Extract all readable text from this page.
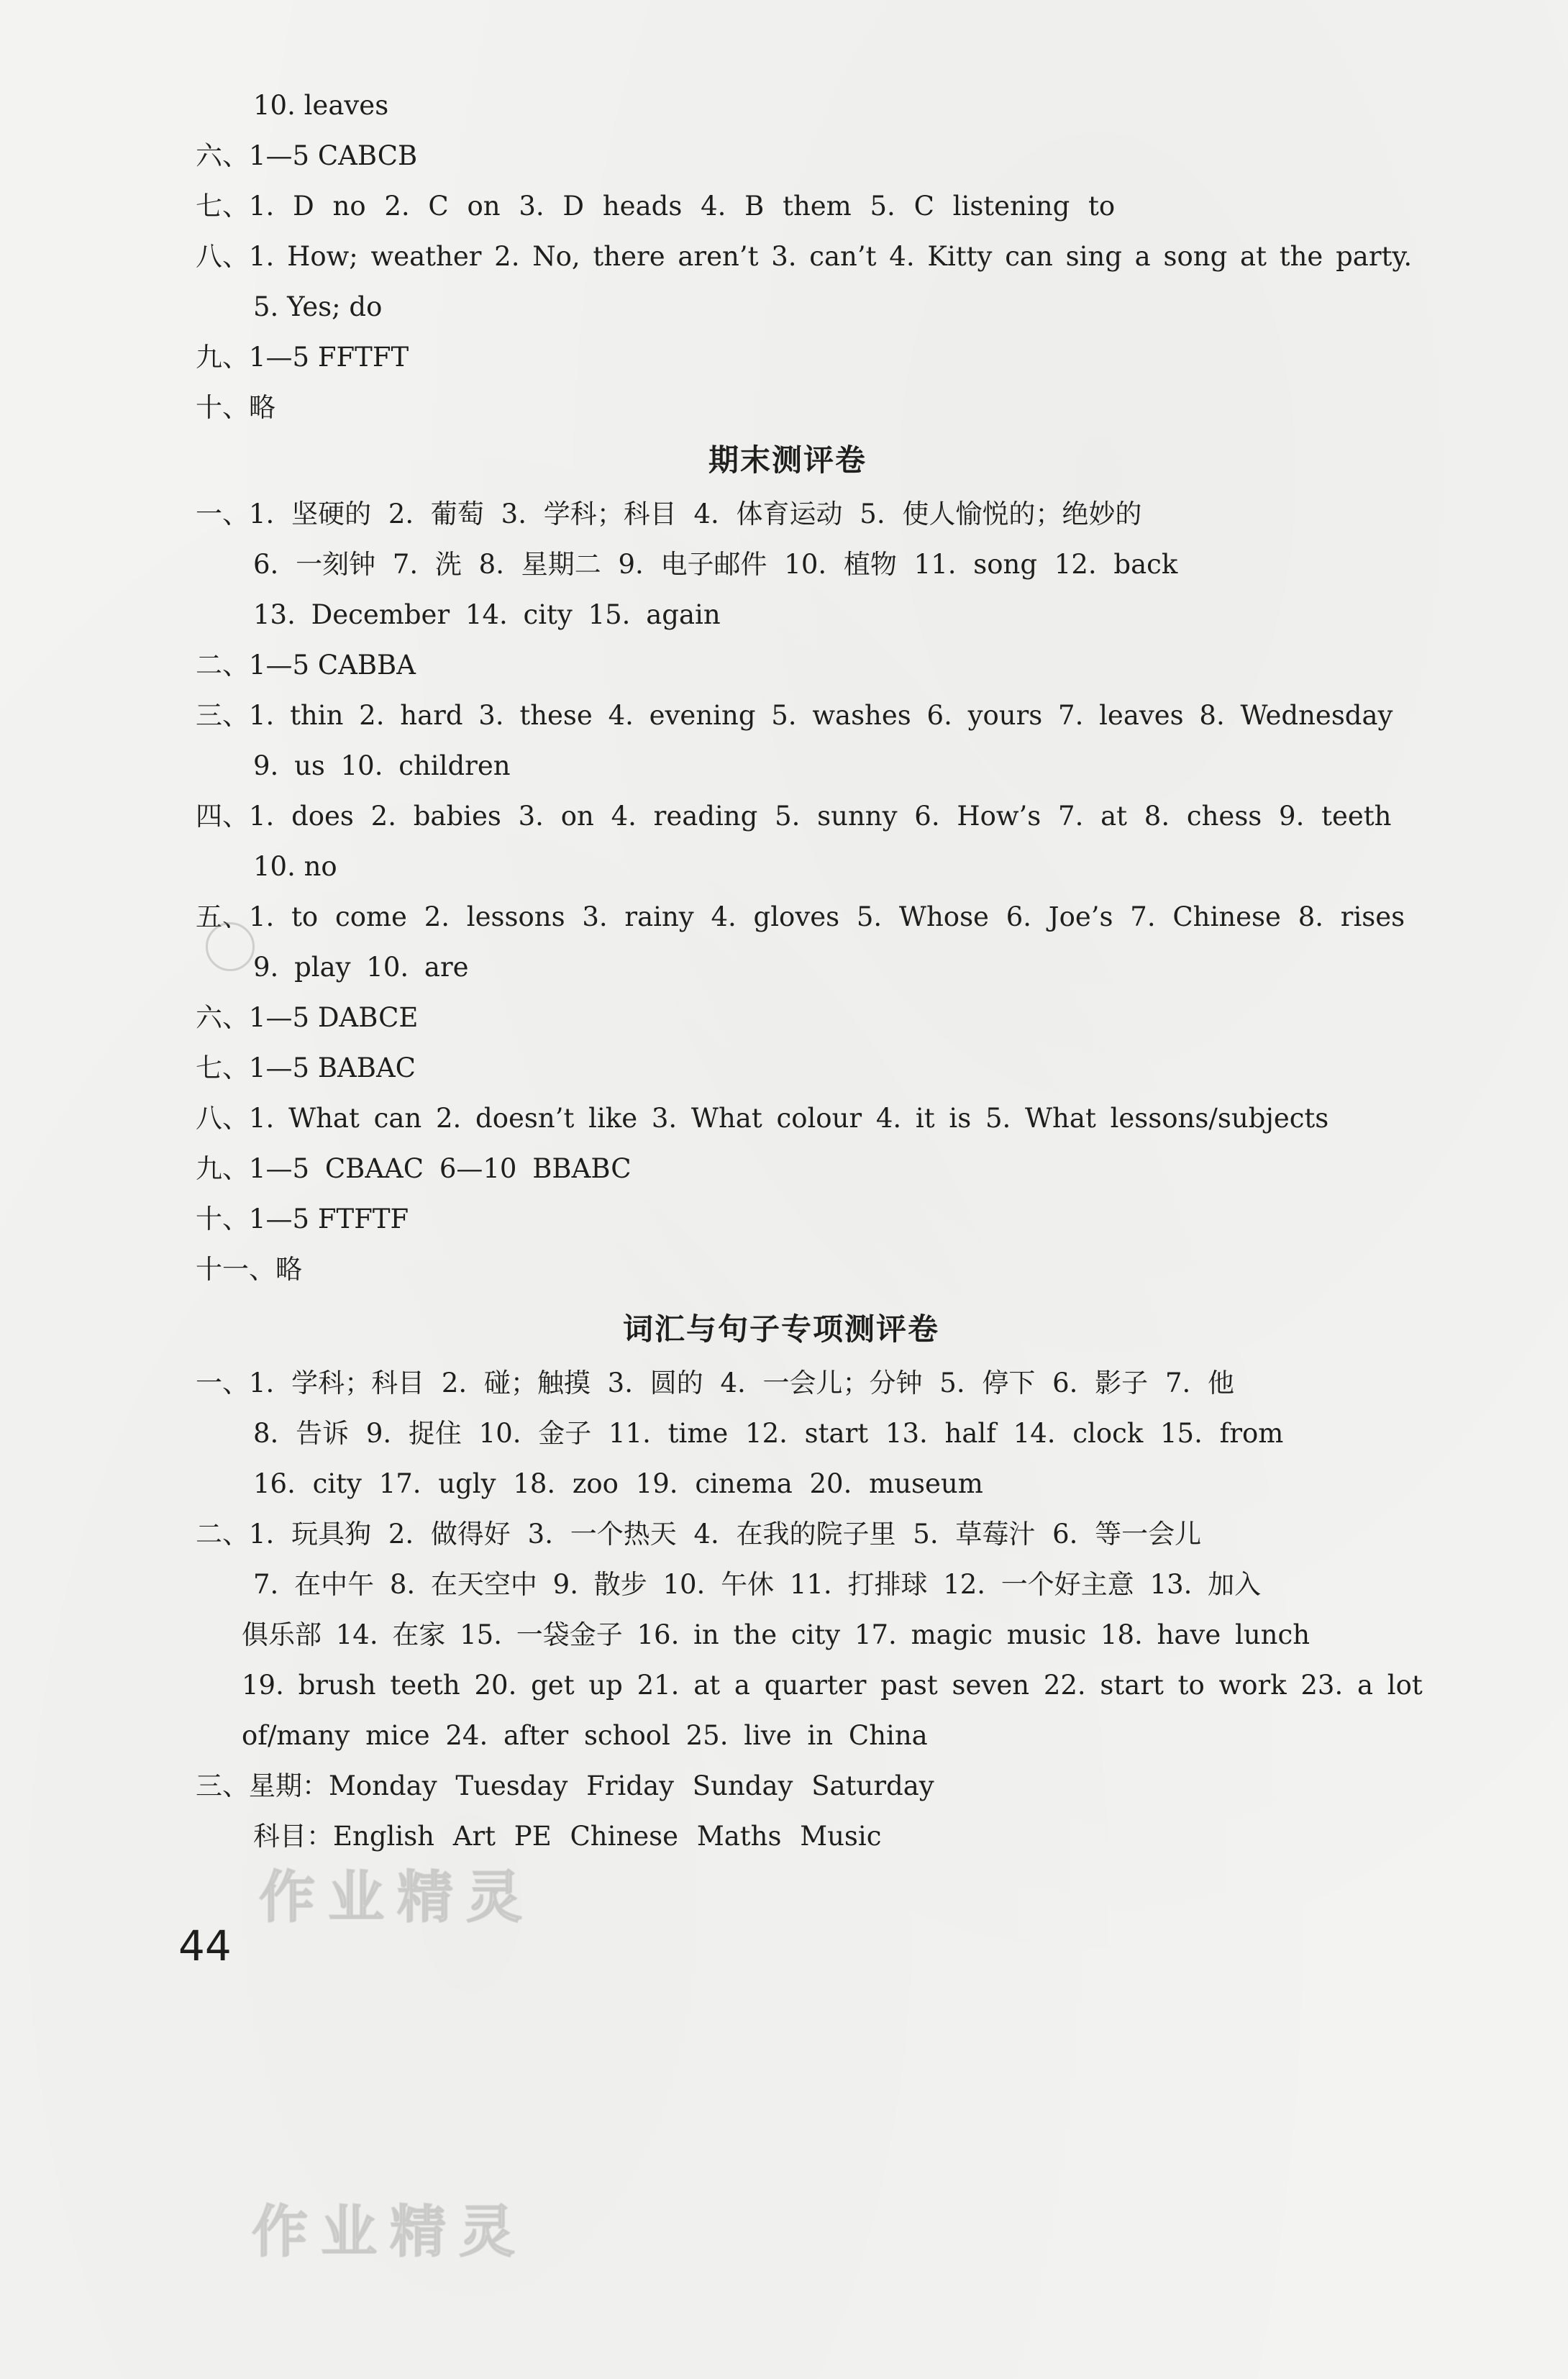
10. leaves
六、1—5 CABCB
七、1. D no 2. C on 3. D heads 4. B them 5. C listening to
八、1. How; weather 2. No, there aren’t 3. can’t 4. Kitty can sing a song at the party.
5. Yes; do
九、1—5 FFTFT
十、略
期末测评卷
一、1. 坚硬的 2. 葡萄 3. 学科；科目 4. 体育运动 5. 使人愉悦的；绝妙的
6. 一刻钟 7. 洗 8. 星期二 9. 电子邮件 10. 植物 11. song 12. back
13. December 14. city 15. again
二、1—5 CABBA
三、1. thin 2. hard 3. these 4. evening 5. washes 6. yours 7. leaves 8. Wednesday
9. us 10. children
四、1. does 2. babies 3. on 4. reading 5. sunny 6. How’s 7. at 8. chess 9. teeth
10. no
五、1. to come 2. lessons 3. rainy 4. gloves 5. Whose 6. Joe’s 7. Chinese 8. rises
9. play 10. are
六、1—5 DABCE
七、1—5 BABAC
八、1. What can 2. doesn’t like 3. What colour 4. it is 5. What lessons/subjects
九、1—5 CBAAC 6—10 BBABC
十、1—5 FTFTF
十一、略
词汇与句子专项测评卷
一、1. 学科；科目 2. 碰；触摸 3. 圆的 4. 一会儿；分钟 5. 停下 6. 影子 7. 他
8. 告诉 9. 捉住 10. 金子 11. time 12. start 13. half 14. clock 15. from
16. city 17. ugly 18. zoo 19. cinema 20. museum
二、1. 玩具狗 2. 做得好 3. 一个热天 4. 在我的院子里 5. 草莓汁 6. 等一会儿
7. 在中午 8. 在天空中 9. 散步 10. 午休 11. 打排球 12. 一个好主意 13. 加入
俱乐部 14. 在家 15. 一袋金子 16. in the city 17. magic music 18. have lunch
19. brush teeth 20. get up 21. at a quarter past seven 22. start to work 23. a lot
of/many mice 24. after school 25. live in China
三、星期：Monday Tuesday Friday Sunday Saturday
科目：English Art PE Chinese Maths Music
作业精灵
44
作业精灵
